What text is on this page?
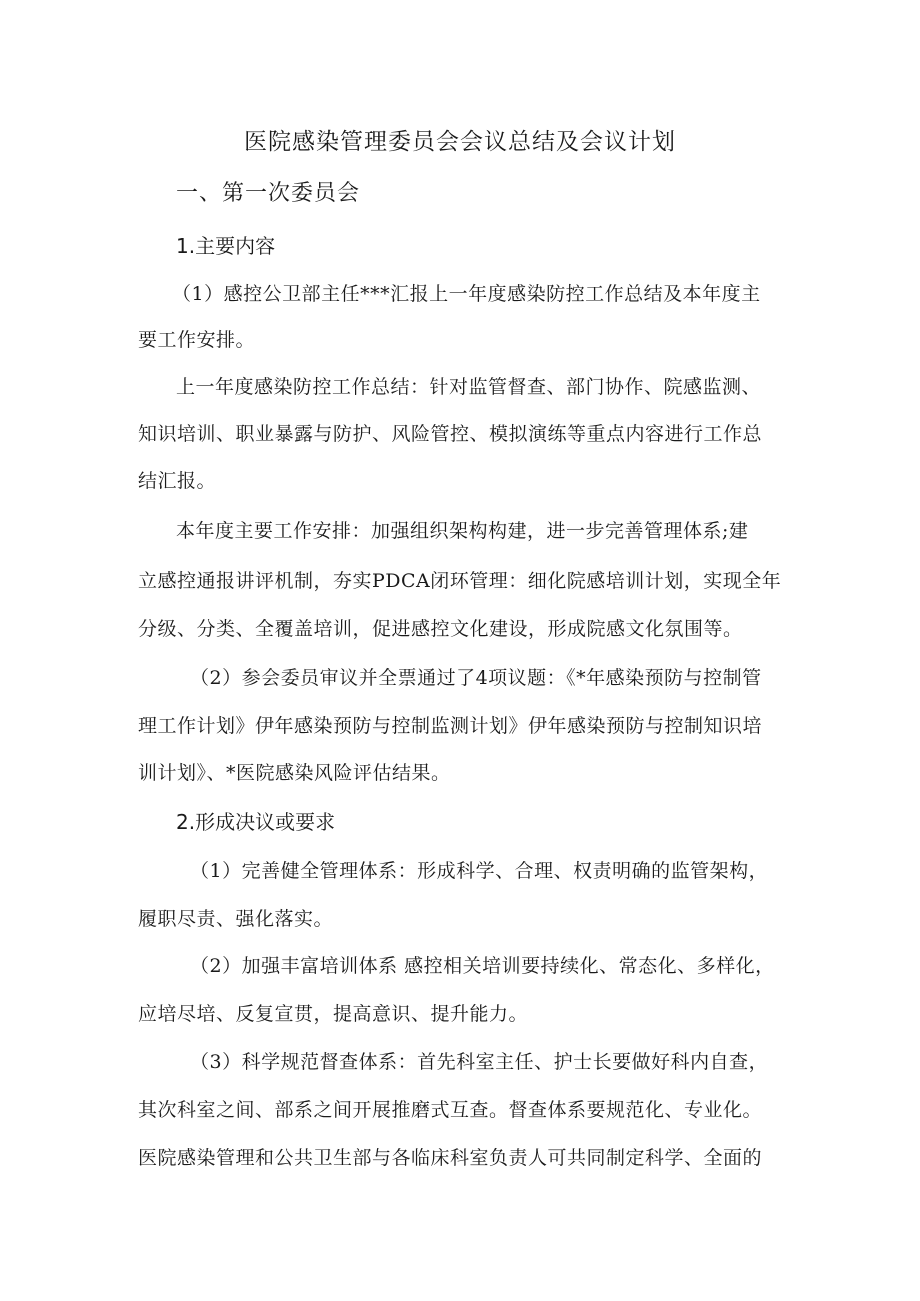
医院感染管理委员会会议总结及会议计划
一、第一次委员会
1.主要内容
（1）感控公卫部主任***汇报上一年度感染防控工作总结及本年度主
要工作安排。
上一年度感染防控工作总结：针对监管督查、部门协作、院感监测、
知识培训、职业暴露与防护、风险管控、模拟演练等重点内容进行工作总
结汇报。
本年度主要工作安排：加强组织架构构建，进一步完善管理体系;建
立感控通报讲评机制，夯实PDCA闭环管理：细化院感培训计划，实现全年
分级、分类、全覆盖培训，促进感控文化建设，形成院感文化氛围等。
（2）参会委员审议并全票通过了4项议题：《*年感染预防与控制管
理工作计划》伊年感染预防与控制监测计划》伊年感染预防与控制知识培
训计划》、*医院感染风险评估结果。
2.形成决议或要求
（1）完善健全管理体系：形成科学、合理、权责明确的监管架构，
履职尽责、强化落实。
（2）加强丰富培训体系 感控相关培训要持续化、常态化、多样化，
应培尽培、反复宣贯，提高意识、提升能力。
（3）科学规范督查体系：首先科室主任、护士长要做好科内自查，
其次科室之间、部系之间开展推磨式互查。督查体系要规范化、专业化。
医院感染管理和公共卫生部与各临床科室负责人可共同制定科学、全面的
